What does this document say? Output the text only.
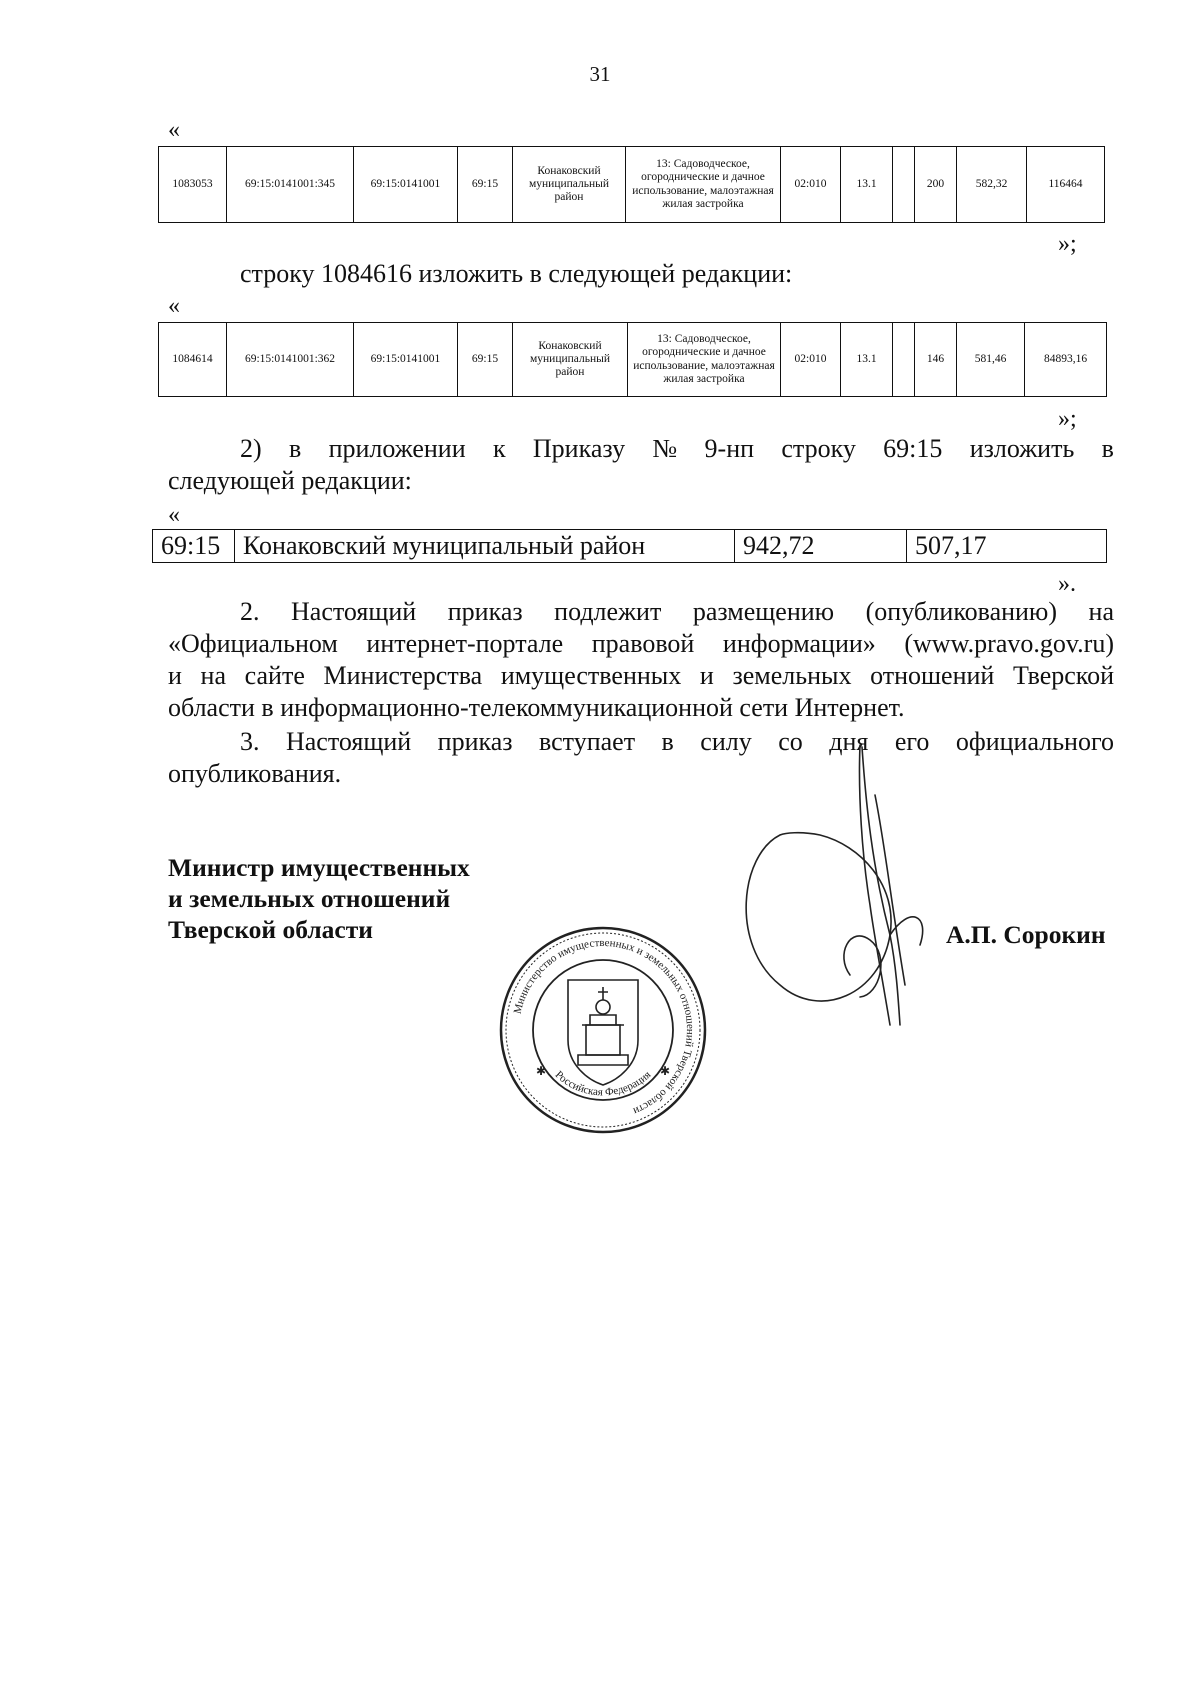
31
«
1083053	69:15:0141001:345	69:15:0141001	69:15	Конаковский муниципальный район	13: Садоводческое, огороднические и дачное использование, малоэтажная жилая застройка	02:010	13.1		200	582,32	116464
»;
строку 1084616 изложить в следующей редакции:
«
1084614	69:15:0141001:362	69:15:0141001	69:15	Конаковский муниципальный район	13: Садоводческое, огороднические и дачное использование, малоэтажная жилая застройка	02:010	13.1		146	581,46	84893,16
»;
2) в приложении к Приказу № 9-нп строку 69:15 изложить в
следующей редакции:
«
69:15	Конаковский муниципальный район	942,72	507,17
».
2. Настоящий приказ подлежит размещению (опубликованию) на
«Официальном интернет-портале правовой информации» (www.pravo.gov.ru)
и на сайте Министерства имущественных и земельных отношений Тверской
области в информационно-телекоммуникационной сети Интернет.
3. Настоящий приказ вступает в силу со дня его официального
опубликования.
Министр имущественных
и земельных отношений
Тверской области	А.П. Сорокин
Министерство имущественных и земельных отношений Тверской области
Российская Федерация
✱	✱
